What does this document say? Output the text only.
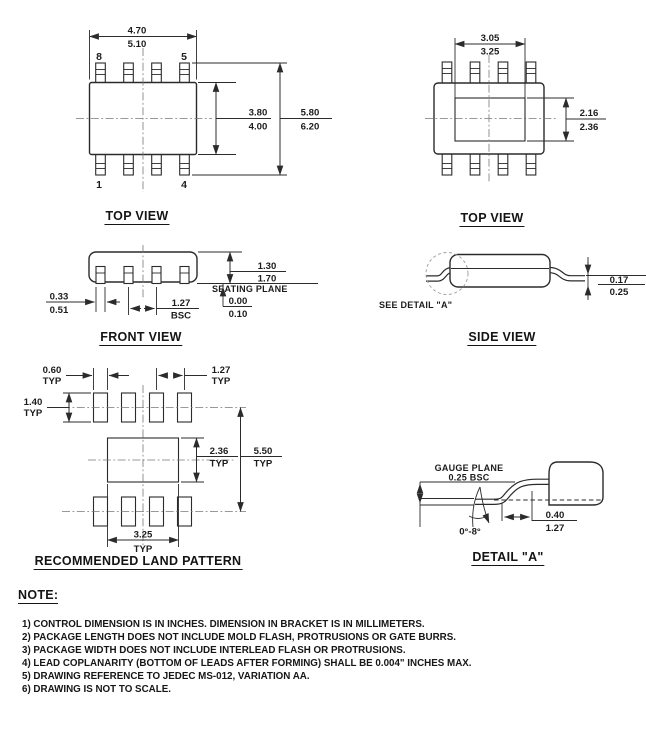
8	5
1	4
4.70
5.10
3.80
4.00
5.80
6.20
3.05
3.25
2.16
2.36
1.30
1.70
SEATING PLANE
0.00
0.10
0.33
0.51
1.27
BSC
SEE DETAIL "A"
0.17
0.25
0.60
TYP
1.27
TYP
1.40
TYP
2.36
TYP
5.50
TYP
3.25
TYP
GAUGE PLANE
0.25 BSC
0°-8°
0.40
1.27
TOP VIEW	TOP VIEW
FRONT VIEW	SIDE VIEW
RECOMMENDED LAND PATTERN	DETAIL "A"
NOTE:
1) CONTROL DIMENSION IS IN INCHES. DIMENSION IN BRACKET IS IN MILLIMETERS.
2) PACKAGE LENGTH DOES NOT INCLUDE MOLD FLASH, PROTRUSIONS OR GATE BURRS.
3) PACKAGE WIDTH DOES NOT INCLUDE INTERLEAD FLASH OR PROTRUSIONS.
4) LEAD COPLANARITY (BOTTOM OF LEADS AFTER FORMING) SHALL BE 0.004" INCHES MAX.
5) DRAWING REFERENCE TO JEDEC MS-012, VARIATION AA.
6) DRAWING IS NOT TO SCALE.
